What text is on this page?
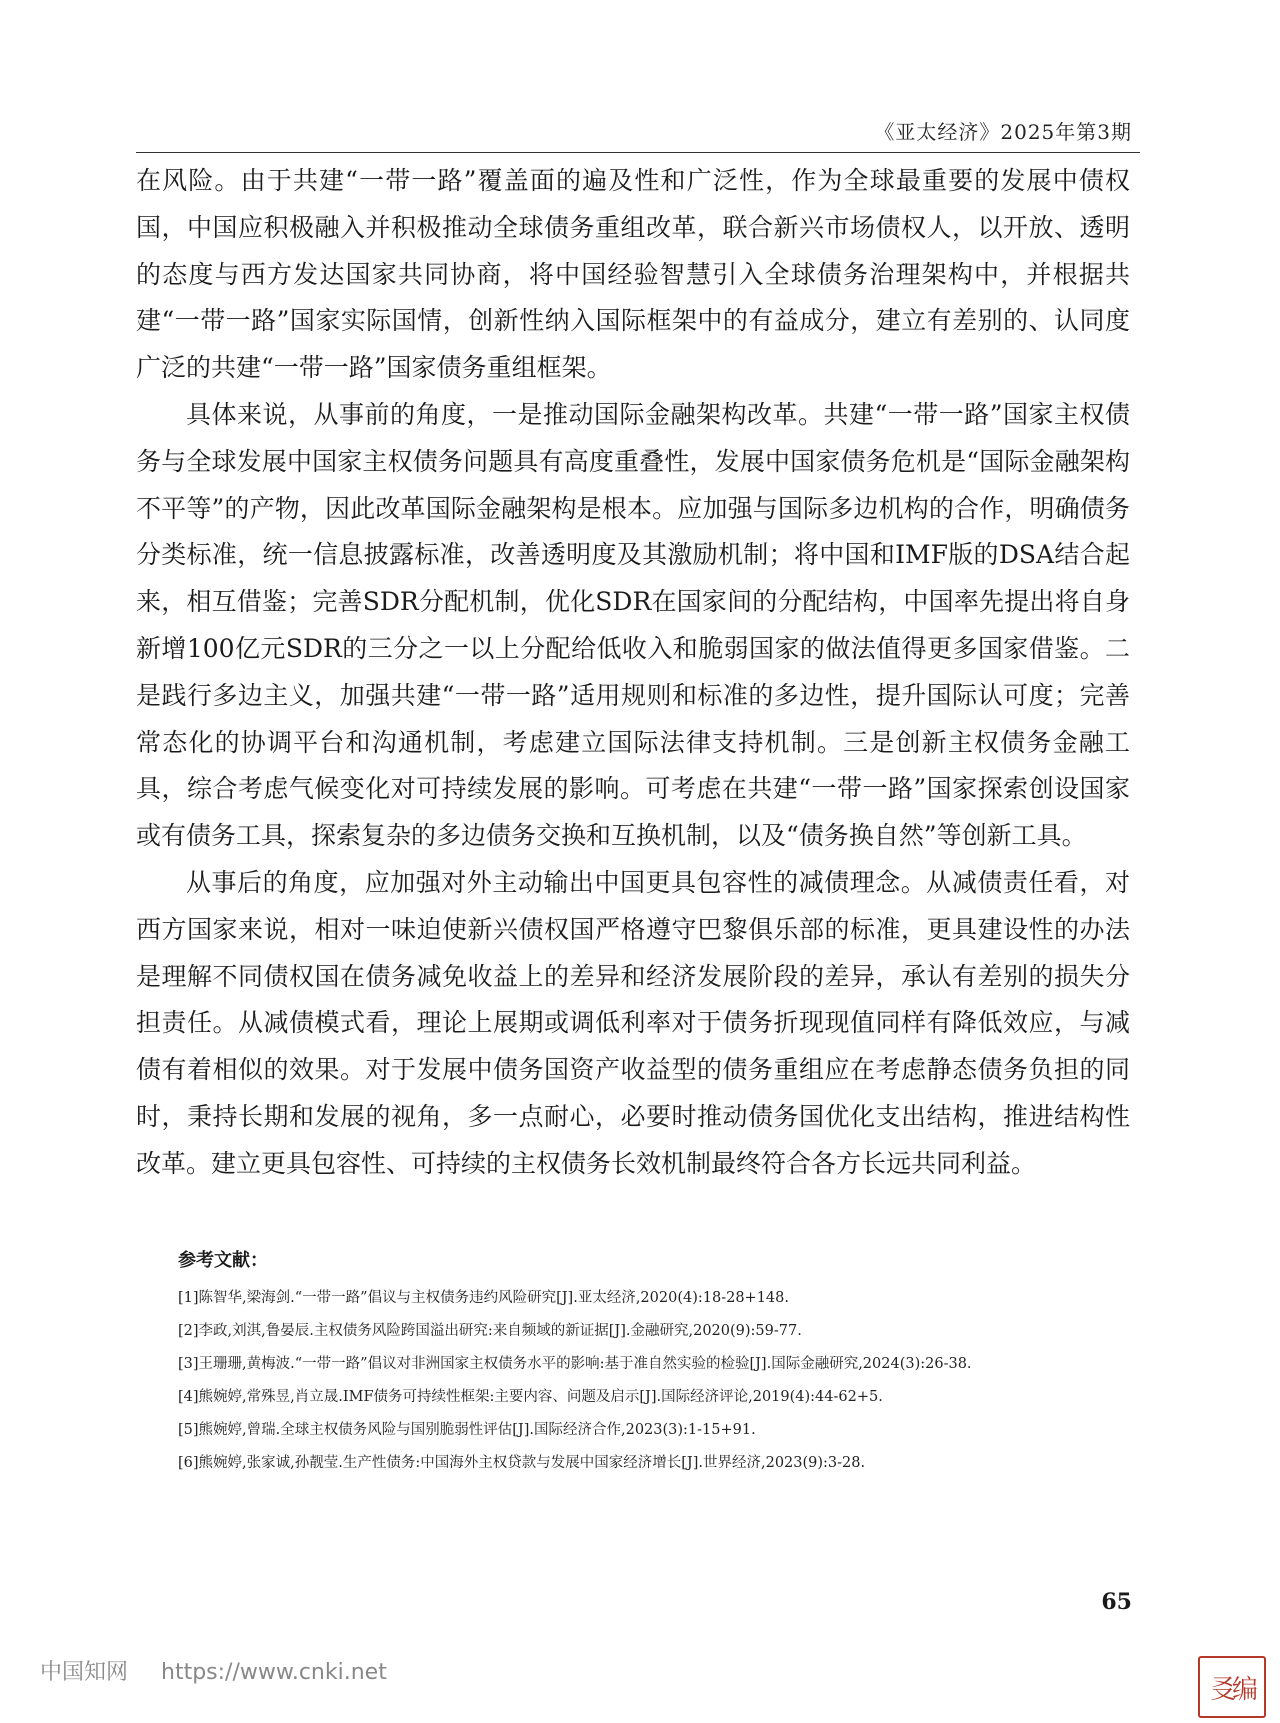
《亚太经济》2025年第3期

在风险。由于共建“一带一路”覆盖面的遍及性和广泛性，作为全球最重要的发展中债权国，中国应积极融入并积极推动全球债务重组改革，联合新兴市场债权人，以开放、透明的态度与西方发达国家共同协商，将中国经验智慧引入全球债务治理架构中，并根据共建“一带一路”国家实际国情，创新性纳入国际框架中的有益成分，建立有差别的、认同度广泛的共建“一带一路”国家债务重组框架。

具体来说，从事前的角度，一是推动国际金融架构改革。共建“一带一路”国家主权债务与全球发展中国家主权债务问题具有高度重叠性，发展中国家债务危机是“国际金融架构不平等”的产物，因此改革国际金融架构是根本。应加强与国际多边机构的合作，明确债务分类标准，统一信息披露标准，改善透明度及其激励机制；将中国和IMF版的DSA结合起来，相互借鉴；完善SDR分配机制，优化SDR在国家间的分配结构，中国率先提出将自身新增100亿元SDR的三分之一以上分配给低收入和脆弱国家的做法值得更多国家借鉴。二是践行多边主义，加强共建“一带一路”适用规则和标准的多边性，提升国际认可度；完善常态化的协调平台和沟通机制，考虑建立国际法律支持机制。三是创新主权债务金融工具，综合考虑气候变化对可持续发展的影响。可考虑在共建“一带一路”国家探索创设国家或有债务工具，探索复杂的多边债务交换和互换机制，以及“债务换自然”等创新工具。

从事后的角度，应加强对外主动输出中国更具包容性的减债理念。从减债责任看，对西方国家来说，相对一味迫使新兴债权国严格遵守巴黎俱乐部的标准，更具建设性的办法是理解不同债权国在债务减免收益上的差异和经济发展阶段的差异，承认有差别的损失分担责任。从减债模式看，理论上展期或调低利率对于债务折现现值同样有降低效应，与减债有着相似的效果。对于发展中债务国资产收益型的债务重组应在考虑静态债务负担的同时，秉持长期和发展的视角，多一点耐心，必要时推动债务国优化支出结构，推进结构性改革。建立更具包容性、可持续的主权债务长效机制最终符合各方长远共同利益。

参考文献：
[1]陈智华,梁海剑.“一带一路”倡议与主权债务违约风险研究[J].亚太经济,2020(4):18-28+148.
[2]李政,刘淇,鲁晏辰.主权债务风险跨国溢出研究:来自频域的新证据[J].金融研究,2020(9):59-77.
[3]王珊珊,黄梅波.“一带一路”倡议对非洲国家主权债务水平的影响:基于准自然实验的检验[J].国际金融研究,2024(3):26-38.
[4]熊婉婷,常殊昱,肖立晟.IMF债务可持续性框架:主要内容、问题及启示[J].国际经济评论,2019(4):44-62+5.
[5]熊婉婷,曾瑞.全球主权债务风险与国别脆弱性评估[J].国际经济合作,2023(3):1-15+91.
[6]熊婉婷,张家诚,孙靓莹.生产性债务:中国海外主权贷款与发展中国家经济增长[J].世界经济,2023(9):3-28.
65
中国知网 https://www.cnki.net
㕛编
